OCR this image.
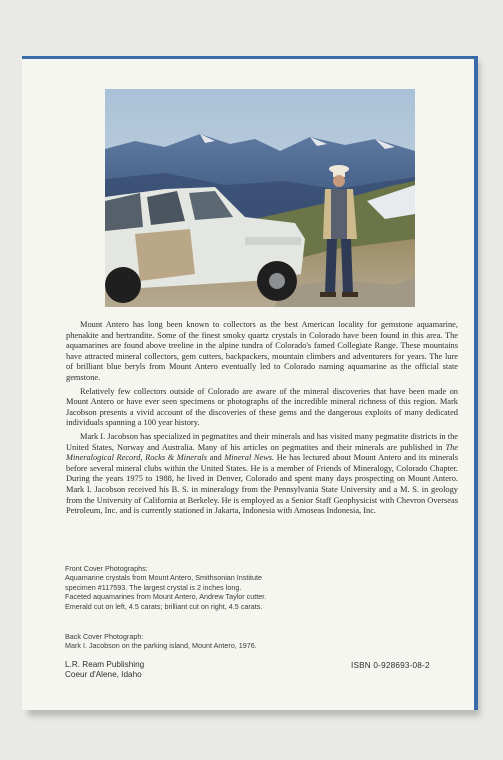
Mount Antero has long been known to collectors as the best American locality for gemstone aquamarine, phenakite and bertrandite. Some of the finest smoky quartz crystals in Colorado have been found in this area. The aquamarines are found above treeline in the alpine tundra of Colorado's famed Collegiate Range. These mountains have attracted mineral collectors, gem cutters, backpackers, mountain climbers and adventurers for years. The lure of brilliant blue beryls from Mount Antero eventually led to Colorado naming aquamarine as the official state gemstone.

Relatively few collectors outside of Colorado are aware of the mineral discoveries that have been made on Mount Antero or have ever seen specimens or photographs of the incredible mineral richness of this region. Mark Jacobson presents a vivid account of the discoveries of these gems and the dangerous exploits of many dedicated individuals spanning a 100 year history.

Mark I. Jacobson has specialized in pegmatites and their minerals and has visited many pegmatite districts in the United States, Norway and Australia. Many of his articles on pegmatites and their minerals are published in The Mineralogical Record, Rocks & Minerals and Mineral News. He has lectured about Mount Antero and its minerals before several mineral clubs within the United States. He is a member of Friends of Mineralogy, Colorado Chapter. During the years 1975 to 1988, he lived in Denver, Colorado and spent many days prospecting on Mount Antero. Mark I. Jacobson received his B. S. in mineralogy from the Pennsylvania State University and a M. S. in geology from the University of California at Berkeley. He is employed as a Senior Staff Geophysicist with Chevron Overseas Petroleum, Inc. and is currently stationed in Jakarta, Indonesia with Amoseas Indonesia, Inc.

Front Cover Photographs:
Aquamarine crystals from Mount Antero, Smithsonian Institute
specimen #117593. The largest crystal is 2 inches long.
Faceted aquamarines from Mount Antero, Andrew Taylor cutter.
Emerald cut on left, 4.5 carats; brilliant cut on right, 4.5 carats.
Back Cover Photograph:
Mark I. Jacobson on the parking island, Mount Antero, 1976.
L.R. Ream Publishing
Coeur d'Alene, Idaho
ISBN 0-928693-08-2
